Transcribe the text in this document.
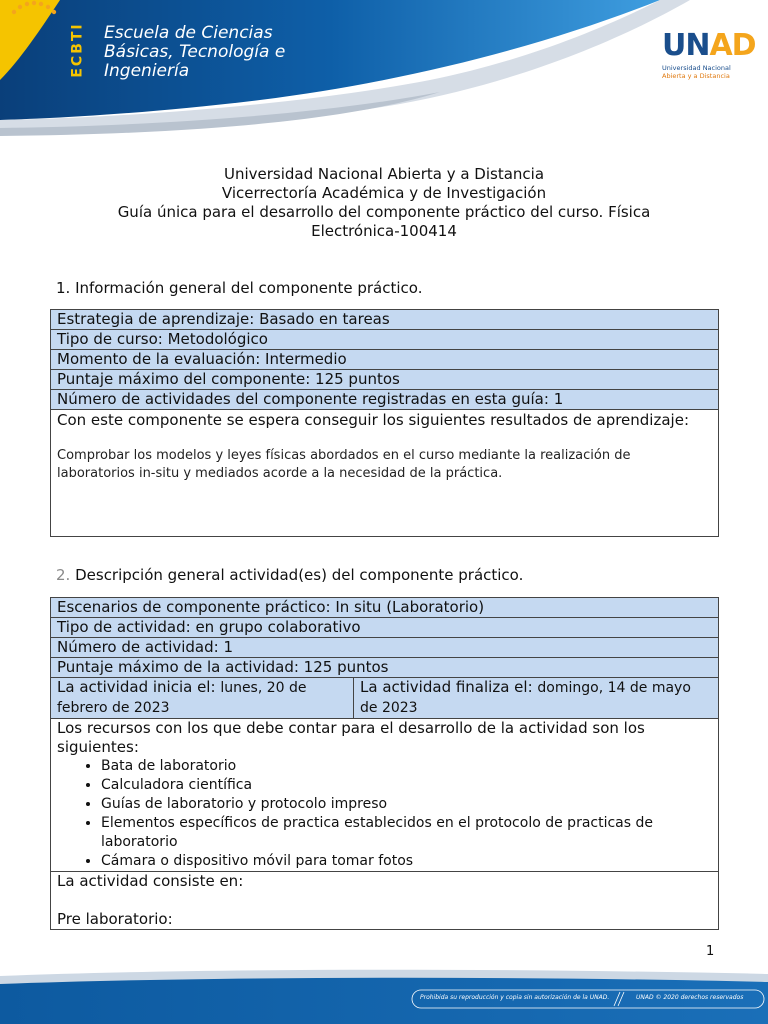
ECBTI Escuela de Ciencias
Básicas, Tecnología e
Ingeniería
UNAD
Universidad Nacional
Abierta y a Distancia
Universidad Nacional Abierta y a Distancia
Vicerrectoría Académica y de Investigación
Guía única para el desarrollo del componente práctico del curso. Física
Electrónica-100414
1. Información general del componente práctico.
Estrategia de aprendizaje: Basado en tareas
Tipo de curso: Metodológico
Momento de la evaluación: Intermedio
Puntaje máximo del componente: 125 puntos
Número de actividades del componente registradas en esta guía: 1

Con este componente se espera conseguir los siguientes resultados de aprendizaje:
Comprobar los modelos y leyes físicas abordados en el curso mediante la realización de laboratorios in-situ y mediados acorde a la necesidad de la práctica.
2. Descripción general actividad(es) del componente práctico.
Escenarios de componente práctico: In situ (Laboratorio)
Tipo de actividad: en grupo colaborativo
Número de actividad: 1
Puntaje máximo de la actividad: 125 puntos
La actividad inicia el: lunes, 20 de febrero de 2023	La actividad finaliza el: domingo, 14 de mayo de 2023

Los recursos con los que debe contar para el desarrollo de la actividad son los siguientes:
• Bata de laboratorio
• Calculadora científica
• Guías de laboratorio y protocolo impreso
• Elementos específicos de practica establecidos en el protocolo de practicas de laboratorio
• Cámara o dispositivo móvil para tomar fotos

La actividad consiste en:
Pre laboratorio:
1
Prohibida su reproducción y copia sin autorización de la UNAD.	UNAD © 2020 derechos reservados
